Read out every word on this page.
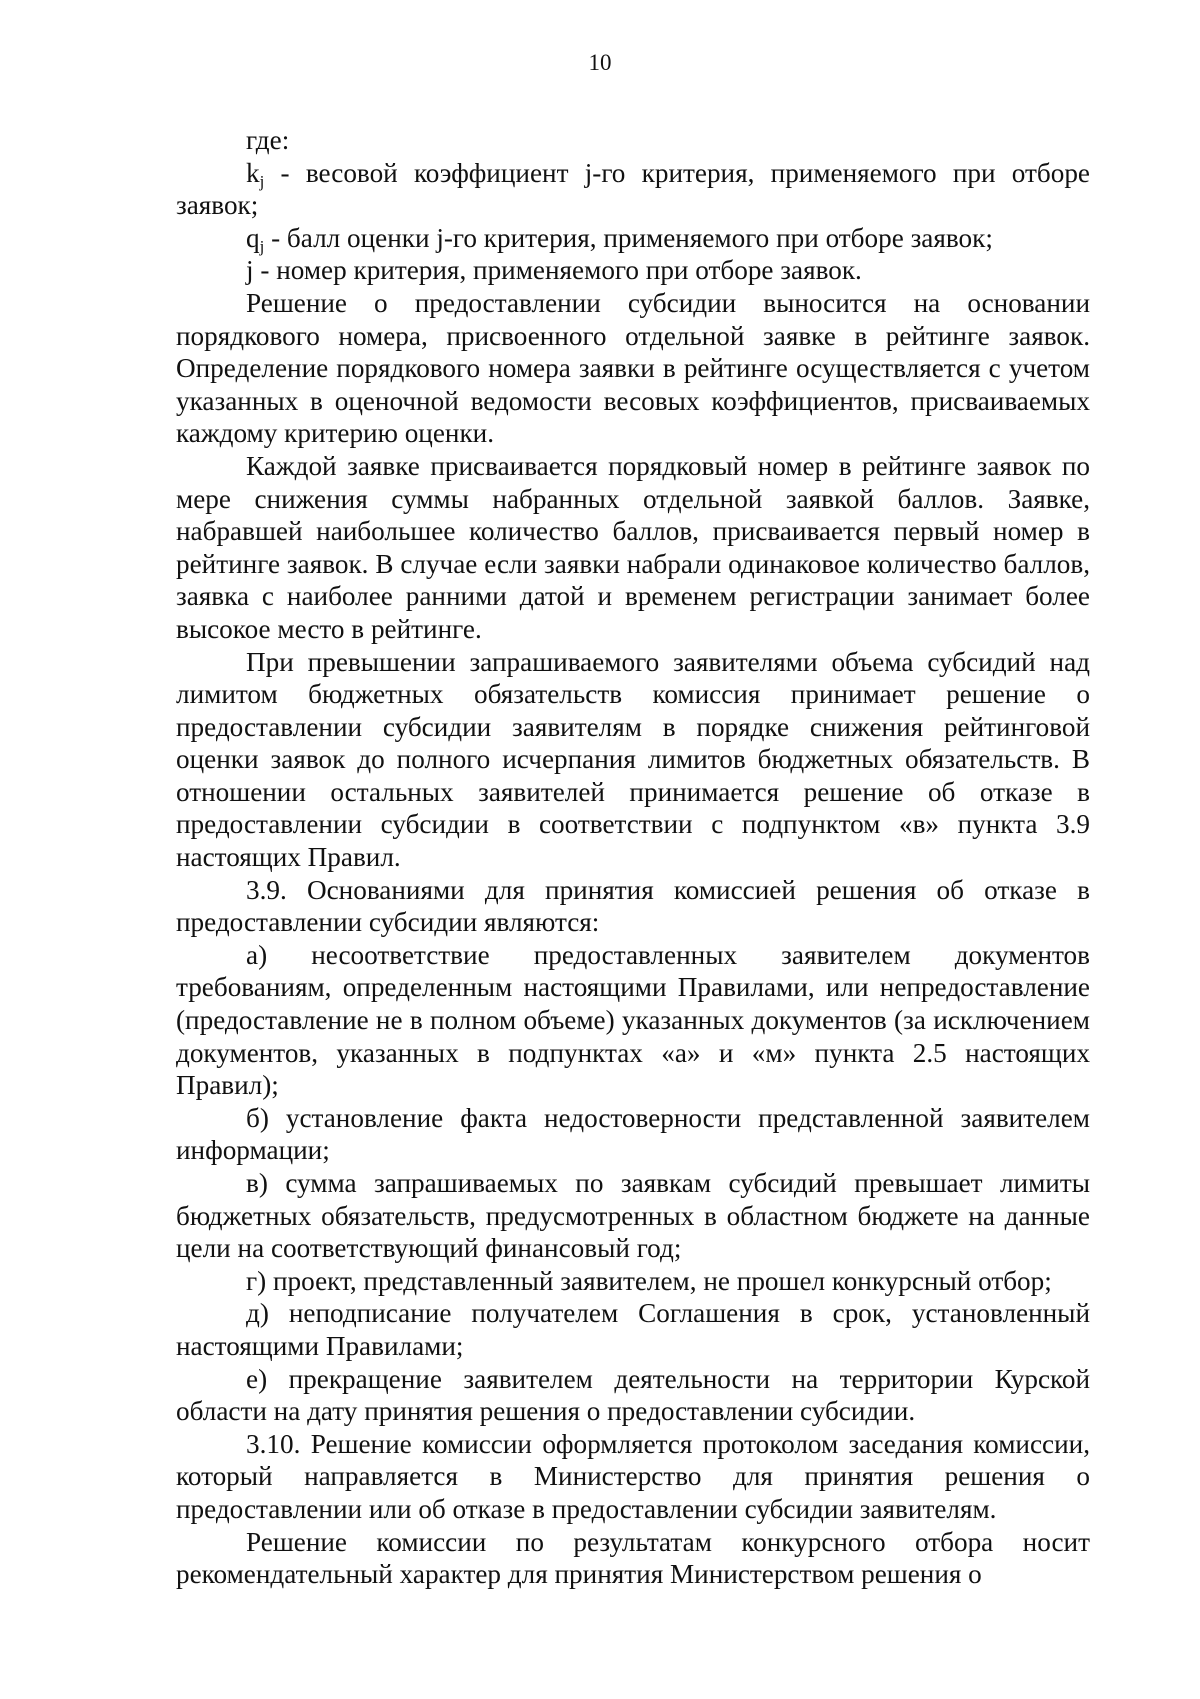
10

где:

$k_j$ - весовой коэффициент j-го критерия, применяемого при отборе заявок;

$q_j$ - балл оценки j-го критерия, применяемого при отборе заявок;

j - номер критерия, применяемого при отборе заявок.

Решение о предоставлении субсидии выносится на основании порядкового номера, присвоенного отдельной заявке в рейтинге заявок. Определение порядкового номера заявки в рейтинге осуществляется с учетом указанных в оценочной ведомости весовых коэффициентов, присваиваемых каждому критерию оценки.

Каждой заявке присваивается порядковый номер в рейтинге заявок по мере снижения суммы набранных отдельной заявкой баллов. Заявке, набравшей наибольшее количество баллов, присваивается первый номер в рейтинге заявок. В случае если заявки набрали одинаковое количество баллов, заявка с наиболее ранними датой и временем регистрации занимает более высокое место в рейтинге.

При превышении запрашиваемого заявителями объема субсидий над лимитом бюджетных обязательств комиссия принимает решение о предоставлении субсидии заявителям в порядке снижения рейтинговой оценки заявок до полного исчерпания лимитов бюджетных обязательств. В отношении остальных заявителей принимается решение об отказе в предоставлении субсидии в соответствии с подпунктом «в» пункта 3.9 настоящих Правил.

3.9. Основаниями для принятия комиссией решения об отказе в предоставлении субсидии являются:

а) несоответствие предоставленных заявителем документов требованиям, определенным настоящими Правилами, или непредоставление (предоставление не в полном объеме) указанных документов (за исключением документов, указанных в подпунктах «а» и «м» пункта 2.5 настоящих Правил);

б) установление факта недостоверности представленной заявителем информации;

в) сумма запрашиваемых по заявкам субсидий превышает лимиты бюджетных обязательств, предусмотренных в областном бюджете на данные цели на соответствующий финансовый год;

г) проект, представленный заявителем, не прошел конкурсный отбор;

д) неподписание получателем Соглашения в срок, установленный настоящими Правилами;

е) прекращение заявителем деятельности на территории Курской области на дату принятия решения о предоставлении субсидии.

3.10. Решение комиссии оформляется протоколом заседания комиссии, который направляется в Министерство для принятия решения о предоставлении или об отказе в предоставлении субсидии заявителям.

Решение комиссии по результатам конкурсного отбора носит рекомендательный характер для принятия Министерством решения о
